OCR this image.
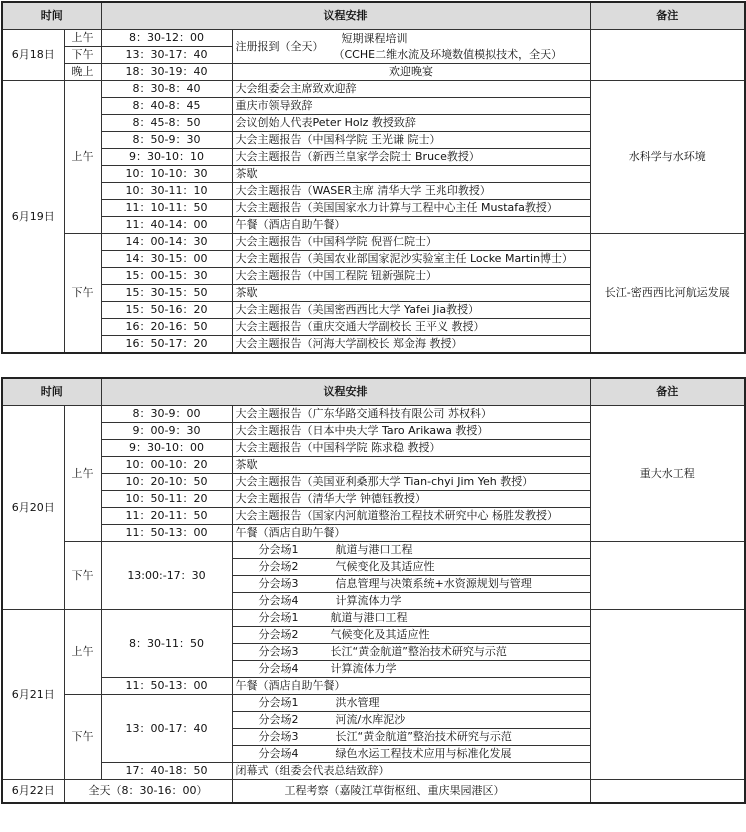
时间		议程安排		备注
6月18日	上午	8：30-12：00	注册报到（全天）
短期课程培训
（CCHE二维水流及环境数值模拟技术，全天）	

	下午	13：30-17：40		
	晚上	18：30-19：40	欢迎晚宴	
6月19日	上午	8：30-8：40	大会组委会主席致欢迎辞	水科学与水环境
		8：40-8：45	重庆市领导致辞	
		8：45-8：50	会议创始人代表Peter Holz 教授致辞	
		8：50-9：30	大会主题报告（中国科学院 王光谦 院士）	
		9：30-10：10	大会主题报告（新西兰皇家学会院士 Bruce教授）	
		10：10-10：30	茶歇	
		10：30-11：10	大会主题报告（WASER主席 清华大学 王兆印教授）	
		11：10-11：50	大会主题报告（美国国家水力计算与工程中心主任 Mustafa教授）	
		11：40-14：00	午餐（酒店自助午餐）	
	下午	14：00-14：30	大会主题报告（中国科学院 倪晋仁院士）	长江-密西西比河航运发展
		14：30-15：00	大会主题报告（美国农业部国家泥沙实验室主任 Locke Martin博士）	
		15：00-15：30	大会主题报告（中国工程院 钮新强院士）	
		15：30-15：50	茶歇	
		15：50-16：20	大会主题报告（美国密西西比大学 Yafei Jia教授）	
		16：20-16：50	大会主题报告（重庆交通大学副校长 王平义 教授）	
		16：50-17：20	大会主题报告（河海大学副校长 郑金海 教授）	
时间		议程安排		备注
6月20日	上午	8：30-9：00	大会主题报告（广东华路交通科技有限公司 苏权科）	重大水工程
		9：00-9：30	大会主题报告（日本中央大学 Taro Arikawa 教授）	
		9：30-10：00	大会主题报告（中国科学院 陈求稳 教授）	
		10：00-10：20	茶歇	
		10：20-10：50	大会主题报告（美国亚利桑那大学 Tian-chyi Jim Yeh 教授）	
		10：50-11：20	大会主题报告（清华大学 钟德钰教授）	
		11：20-11：50	大会主题报告（国家内河航道整治工程技术研究中心 杨胜发教授）	
		11：50-13：00	午餐（酒店自助午餐）	
	下午	13:00:-17：30	分会场1 航道与港口工程	
			分会场2 气候变化及其适应性	
			分会场3 信息管理与决策系统+水资源规划与管理	
			分会场4 计算流体力学	
6月21日	上午	8：30-11：50	分会场1 航道与港口工程	
			分会场2 气候变化及其适应性	
			分会场3 长江“黄金航道”整治技术研究与示范	
			分会场4 计算流体力学	
		11：50-13：00	午餐（酒店自助午餐）	
	下午	13：00-17：40	分会场1 洪水管理	
			分会场2 河流/水库泥沙	
			分会场3 长江“黄金航道”整治技术研究与示范	
			分会场4 绿色水运工程技术应用与标准化发展	
		17：40-18：50	闭幕式（组委会代表总结致辞）	
6月22日	全天（8：30-16：00）		工程考察（嘉陵江草街枢纽、重庆果园港区）	
